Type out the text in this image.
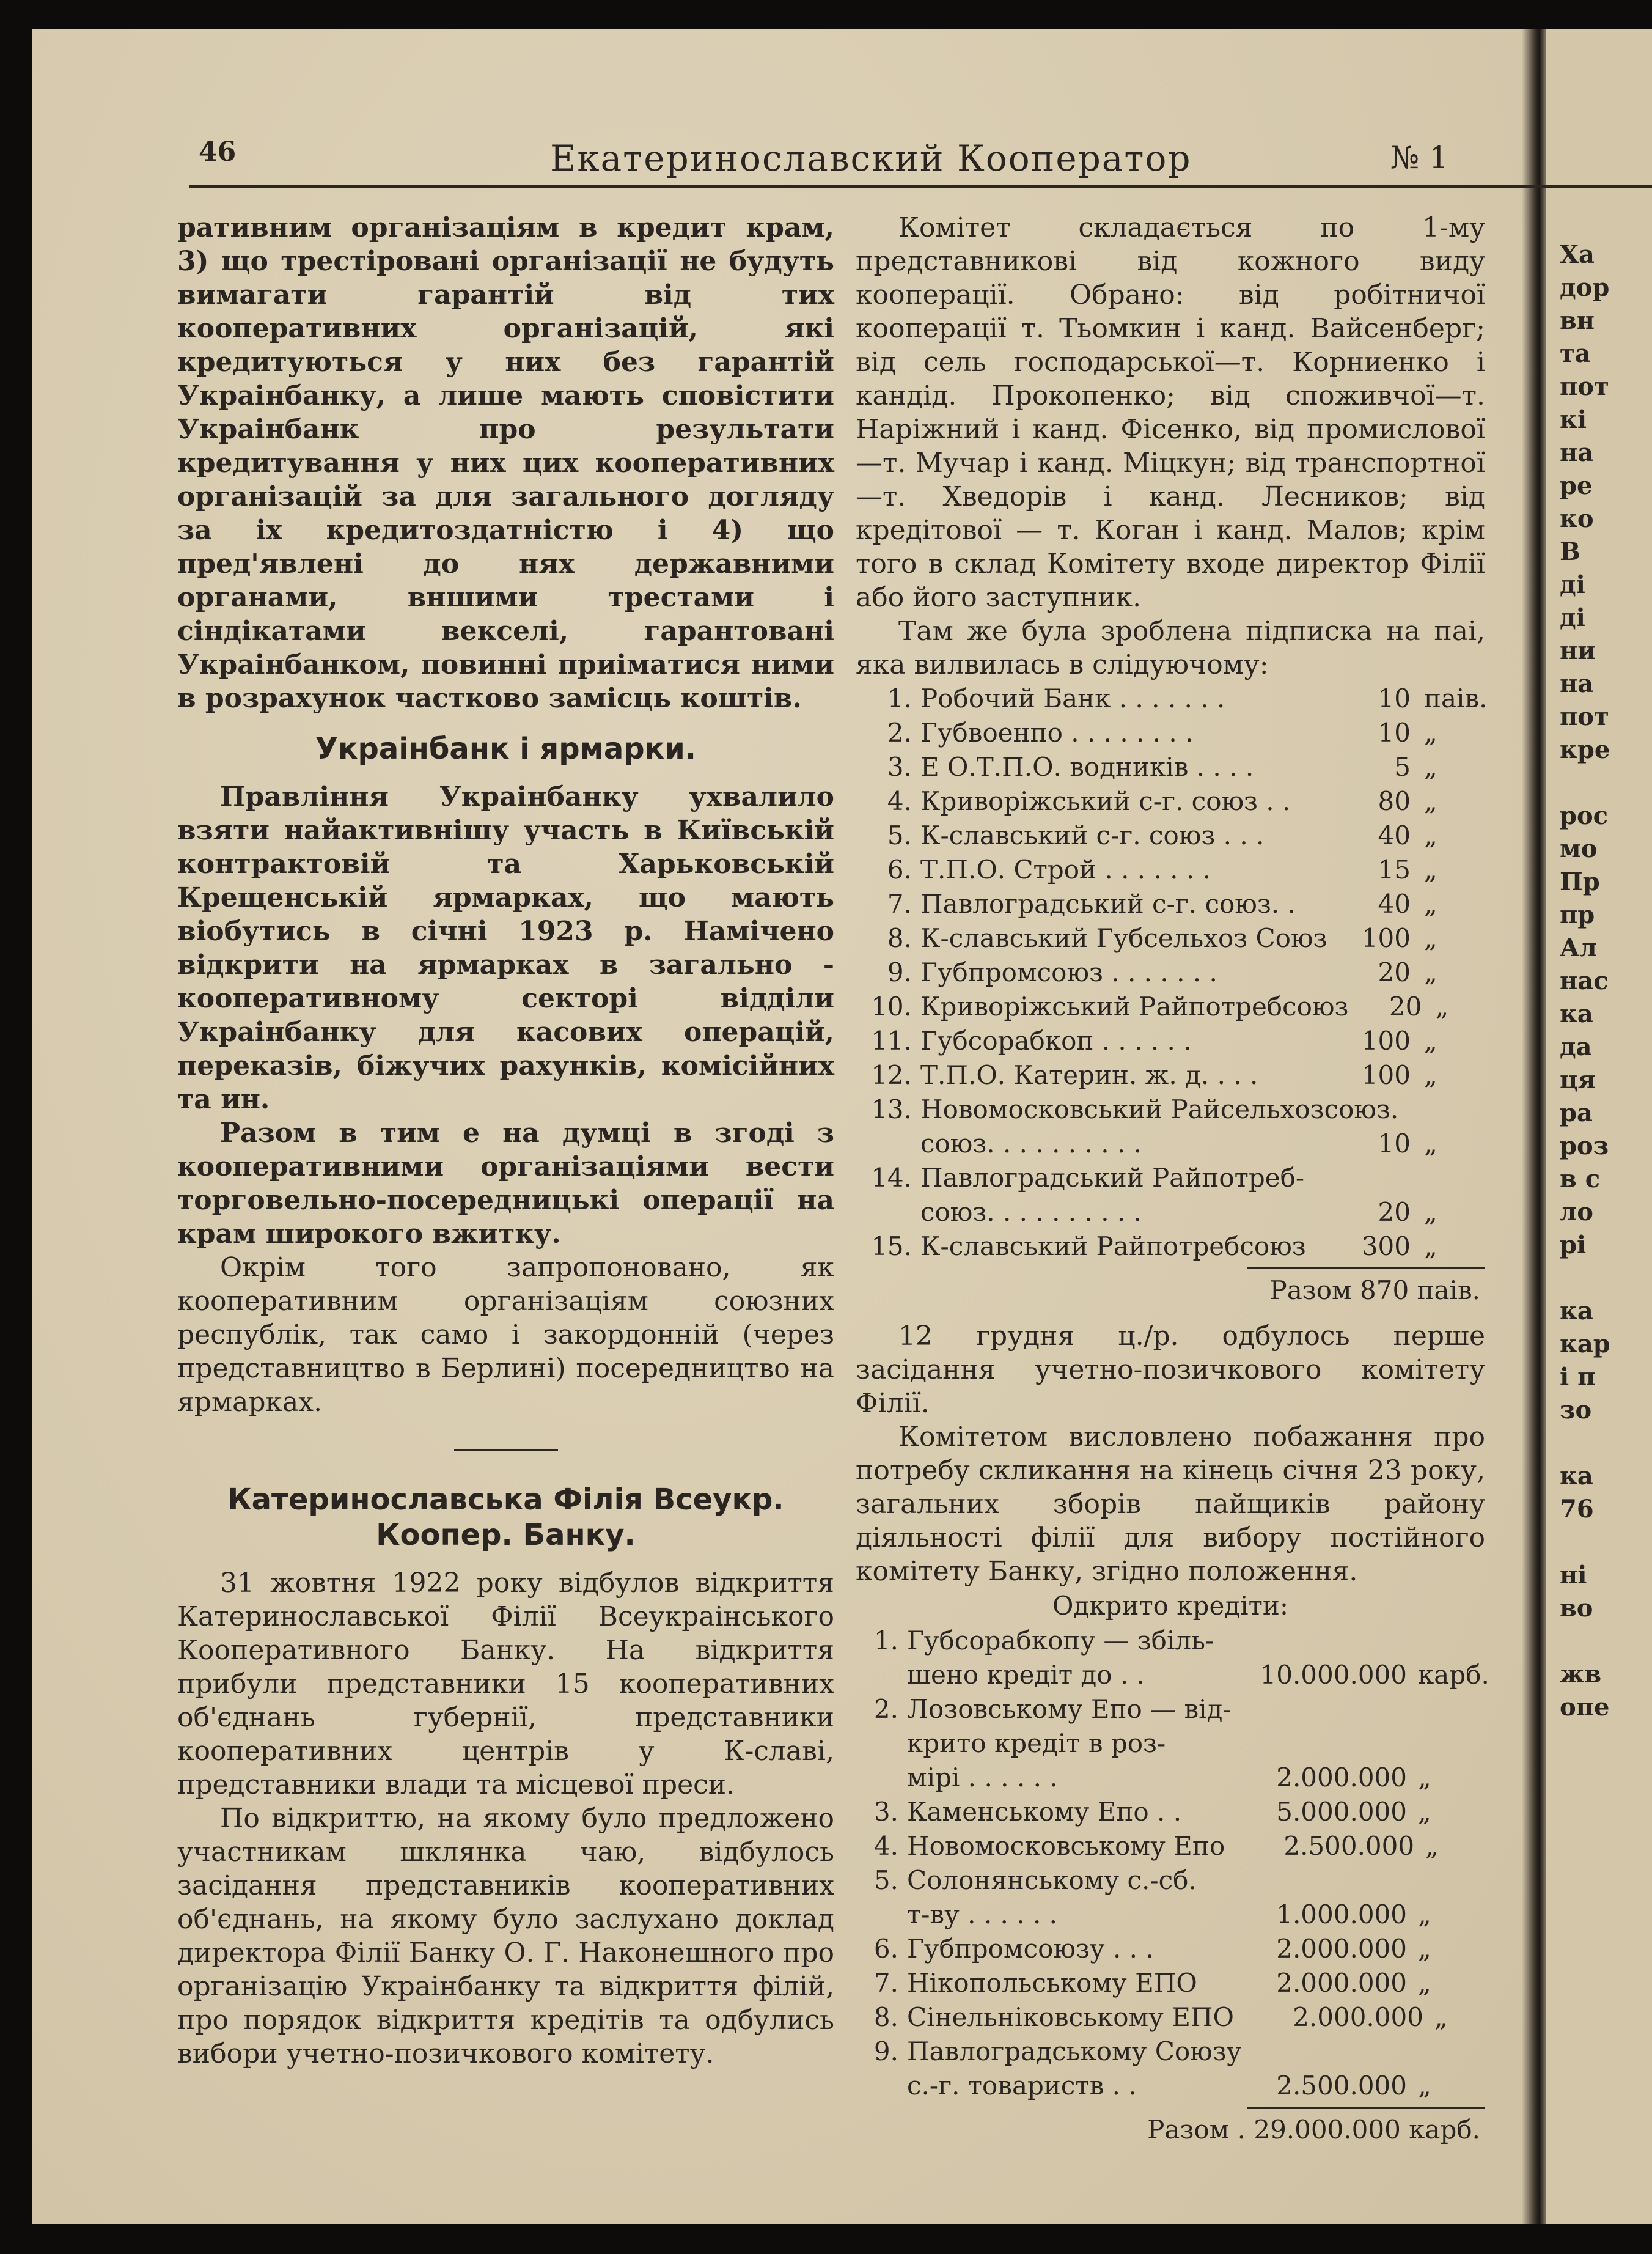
Ха
дор
вн
та
пот
кі
на
ре
ко
В
ді
ді
ни
на
пот
кре

рос
мо
Пр
пр
Ал
нас
ка
да
ця
ра
роз
в с
ло
рі

ка
кар
і п
зо

ка
76

ні
во

жв
опе
46	Екатеринославский Кооператор	№ 1

ративним організаціям в кредит крам, 3) що трестіровані організації не будуть вимагати гарантій від тих кооперативних організацій, які кредитуються у них без гарантій Украінбанку, а лише мають сповістити Украінбанк про результати кредитування у них цих кооперативних організацій за для загального догляду за іх кредитоздатністю і 4) що пред'явлені до нях державними органами, вншими трестами і сіндікатами векселі, гарантовані Украінбанком, повинні приіматися ними в розрахунок частково замісць коштів.

Украінбанк і ярмарки.

Правління Украінбанку ухвалило взяти найактивнішу участь в Київській контрактовій та Харьковській Крещенській ярмарках, що мають віобутись в січні 1923 р. Намічено відкрити на ярмарках в загально - кооперативному секторі відділи Украінбанку для касових операцій, переказів, біжучих рахунків, комісійних та ин.

Разом в тим е на думці в згоді з кооперативними організаціями вести торговельно-посередницькі операції на крам широкого вжитку.

Окрім того запропоновано, як кооперативним організаціям союзних республік, так само і закордонній (через представництво в Берлині) посередництво на ярмарках.

Катеринославська Філія Всеукр.
Коопер. Банку.

31 жовтня 1922 року відбулов відкриття Катеринославської Філії Всеукраінського Кооперативного Банку. На відкриття прибули представники 15 кооперативних об'єднань губернії, представники кооперативних центрів у К-славі, представники влади та місцевої преси.

По відкриттю, на якому було предложено участникам шклянка чаю, відбулось засідання представників кооперативних об'єднань, на якому було заслухано доклад директора Філії Банку О. Г. Наконешного про організацію Украінбанку та відкриття філій, про порядок відкриття кредітів та одбулись вибори учетно-позичкового комітету.

Комітет складається по 1-му представникові від кожного виду кооперації. Обрано: від робітничої кооперації т. Тьомкин і канд. Вайсенберг; від сель господарської—т. Корниенко і кандід. Прокопенко; від споживчої—т. Наріжний і канд. Фісенко, від промислової—т. Мучар і канд. Міцкун; від транспортної—т. Хведорів і канд. Лесников; від кредітової — т. Коган і канд. Малов; крім того в склад Комітету входе директор Філії або його заступник.

Там же була зроблена підписка на паі, яка вилвилась в слідуючому:

1. Робочий Банк . . . . . . .	10 паів.
2. Губвоенпо . . . . . . . .	10 „
3. Е О.Т.П.О. водників . . . .	5 „
4. Криворіжський с-г. союз . .	80 „
5. К-славський с-г. союз . . .	40 „
6. Т.П.О. Строй . . . . . . .	15 „
7. Павлоградський с-г. союз. .	40 „
8. К-славський Губсельхоз Союз	100 „
9. Губпромсоюз . . . . . . .	20 „
10. Криворіжський Райпотребсоюз	20 „
11. Губсорабкоп . . . . . .	100 „
12. Т.П.О. Катерин. ж. д. . . .	100 „
13. Новомосковський Райсельхозсоюз.
союз. . . . . . . . . .	10 „
14. Павлоградський Райпотреб-
союз. . . . . . . . . .	20 „
15. К-славський Райпотребсоюз	300 „
Разом 870 паів.

12 грудня ц./р. одбулось перше засідання учетно-позичкового комітету Філії.

Комітетом висловлено побажання про потребу скликання на кінець січня 23 року, загальних зборів пайщиків району діяльності філії для вибору постійного комітету Банку, згідно положення.

Одкрито кредіти:
1. Губсорабкопу — збіль-
шено кредіт до . .	10.000.000 карб.
2. Лозовському Епо — від-
крито кредіт в роз-
мірі . . . . . .	2.000.000 „
3. Каменському Епо . .	5.000.000 „
4. Новомосковському Епо	2.500.000 „
5. Солонянському с.-сб.
т-ву . . . . . .	1.000.000 „
6. Губпромсоюзу . . .	2.000.000 „
7. Нікопольському ЕПО	2.000.000 „
8. Сінельніковському ЕПО	2.000.000 „
9. Павлоградському Союзу
с.-г. товариств . .	2.500.000 „
Разом . 29.000.000 карб.
